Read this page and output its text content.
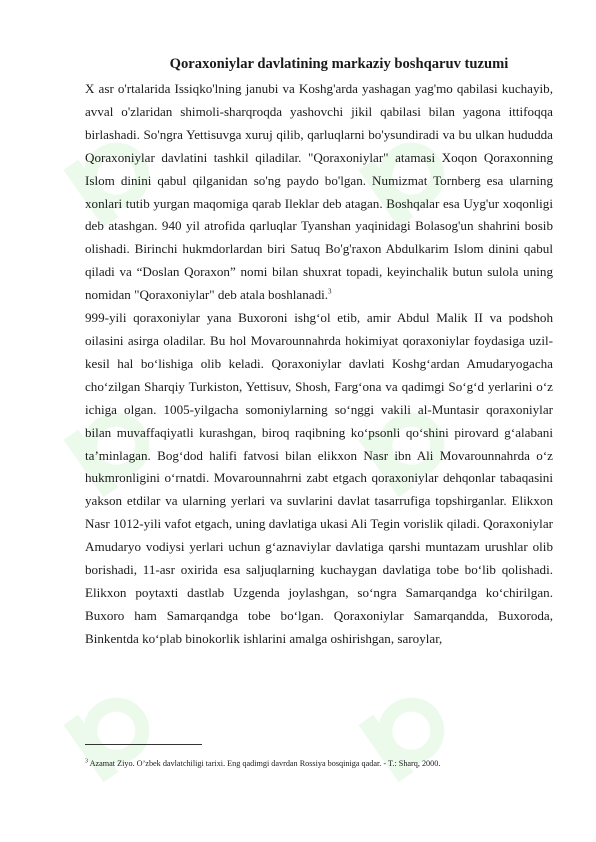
Qoraxoniylar davlatining markaziy boshqaruv tuzumi

X asr o'rtalarida Issiqko'lning janubi va Koshg'arda yashagan yag'mo qabilasi kuchayib, avval o'zlaridan shimoli-sharqroqda yashovchi jikil qabilasi bilan yagona ittifoqqa birlashadi. So'ngra Yettisuvga xuruj qilib, qarluqlarni bo'ysundiradi va bu ulkan hududda Qoraxoniylar davlatini tashkil qiladilar. "Qoraxoniylar" atamasi Xoqon Qoraxonning Islom dinini qabul qilganidan so'ng paydo bo'lgan. Numizmat Tornberg esa ularning xonlari tutib yurgan maqomiga qarab Ileklar deb atagan. Boshqalar esa Uyg'ur xoqonligi deb atashgan. 940 yil atrofida qarluqlar Tyanshan yaqinidagi Bolasog'un shahrini bosib olishadi. Birinchi hukmdorlardan biri Satuq Bo'g'raxon Abdulkarim Islom dinini qabul qiladi va “Doslan Qoraxon” nomi bilan shuxrat topadi, keyinchalik butun sulola uning nomidan "Qoraxoniylar" deb atala boshlanadi.$^3$

999-yili qoraxoniylar yana Buxoroni ishg‘ol etib, amir Abdul Malik II va podshoh oilasini asirga oladilar. Bu hol Movarounnahrda hokimiyat qoraxoniylar foydasiga uzil-kesil hal bo‘lishiga olib keladi. Qoraxoniylar davlati Koshg‘ardan Amudaryogacha cho‘zilgan Sharqiy Turkiston, Yettisuv, Shosh, Farg‘ona va qadimgi So‘g‘d yerlarini o‘z ichiga olgan. 1005-yilgacha somoniylarning so‘nggi vakili al-Muntasir qoraxoniylar bilan muvaffaqiyatli kurashgan, biroq raqibning ko‘psonli qo‘shini pirovard g‘alabani ta’minlagan. Bog‘dod halifi fatvosi bilan elikxon Nasr ibn Ali Movarounnahrda o‘z hukmronligini o‘rnatdi. Movarounnahrni zabt etgach qoraxoniylar dehqonlar tabaqasini yakson etdilar va ularning yerlari va suvlarini davlat tasarrufiga topshirganlar. Elikxon Nasr 1012-yili vafot etgach, uning davlatiga ukasi Ali Tegin vorislik qiladi. Qoraxoniylar Amudaryo vodiysi yerlari uchun g‘aznaviylar davlatiga qarshi muntazam urushlar olib borishadi, 11-asr oxirida esa saljuqlarning kuchaygan davlatiga tobe bo‘lib qolishadi. Elikxon poytaxti dastlab Uzgenda joylashgan, so‘ngra Samarqandga ko‘chirilgan. Buxoro ham Samarqandga tobe bo‘lgan. Qoraxoniylar Samarqandda, Buxoroda, Binkentda ko‘plab binokorlik ishlarini amalga oshirishgan, saroylar,

$^3$ Azamat Ziyo. O’zbek davlatchiligi tarixi. Eng qadimgi davrdan Rossiya bosqiniga qadar. - T.: Sharq, 2000.
